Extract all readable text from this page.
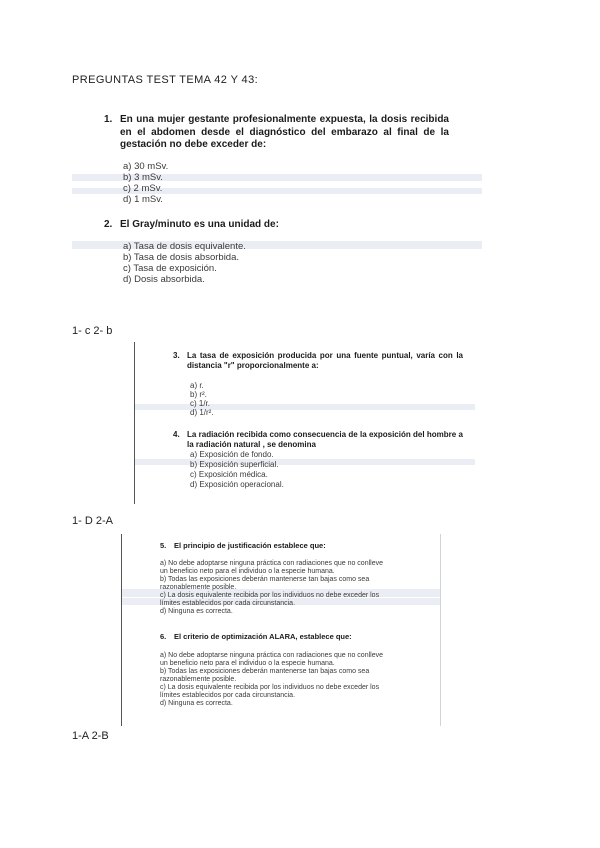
PREGUNTAS TEST TEMA 42 Y 43:
1. En una mujer gestante profesionalmente expuesta, la dosis recibida en el abdomen desde el diagnóstico del embarazo al final de la gestación no debe exceder de:
a) 30 mSv.
b) 3 mSv.
c) 2 mSv.
d) 1 mSv.
2. El Gray/minuto es una unidad de:
a) Tasa de dosis equivalente.
b) Tasa de dosis absorbida.
c) Tasa de exposición.
d) Dosis absorbida.
1- c 2- b
3. La tasa de exposición producida por una fuente puntual, varía con la distancia "r" proporcionalmente a:
a) r.
b) r².
c) 1/r.
d) 1/r².
4. La radiación recibida como consecuencia de la exposición del hombre a la radiación natural , se denomina
a) Exposición de fondo.
b) Exposición superficial.
c) Exposición médica.
d) Exposición operacional.
1- D 2-A
5.	El principio de justificación establece que:
a) No debe adoptarse ninguna práctica con radiaciones que no conlleve
un beneficio neto para el individuo o la especie humana.
b) Todas las exposiciones deberán mantenerse tan bajas como sea
razonablemente posible.
c) La dosis equivalente recibida por los individuos no debe exceder los
límites establecidos por cada circunstancia.
d) Ninguna es correcta.
6.	El criterio de optimización ALARA, establece que:
a) No debe adoptarse ninguna práctica con radiaciones que no conlleve
un beneficio neto para el individuo o la especie humana.
b) Todas las exposiciones deberán mantenerse tan bajas como sea
razonablemente posible.
c) La dosis equivalente recibida por los individuos no debe exceder los
límites establecidos por cada circunstancia.
d) Ninguna es correcta.
1-A 2-B
